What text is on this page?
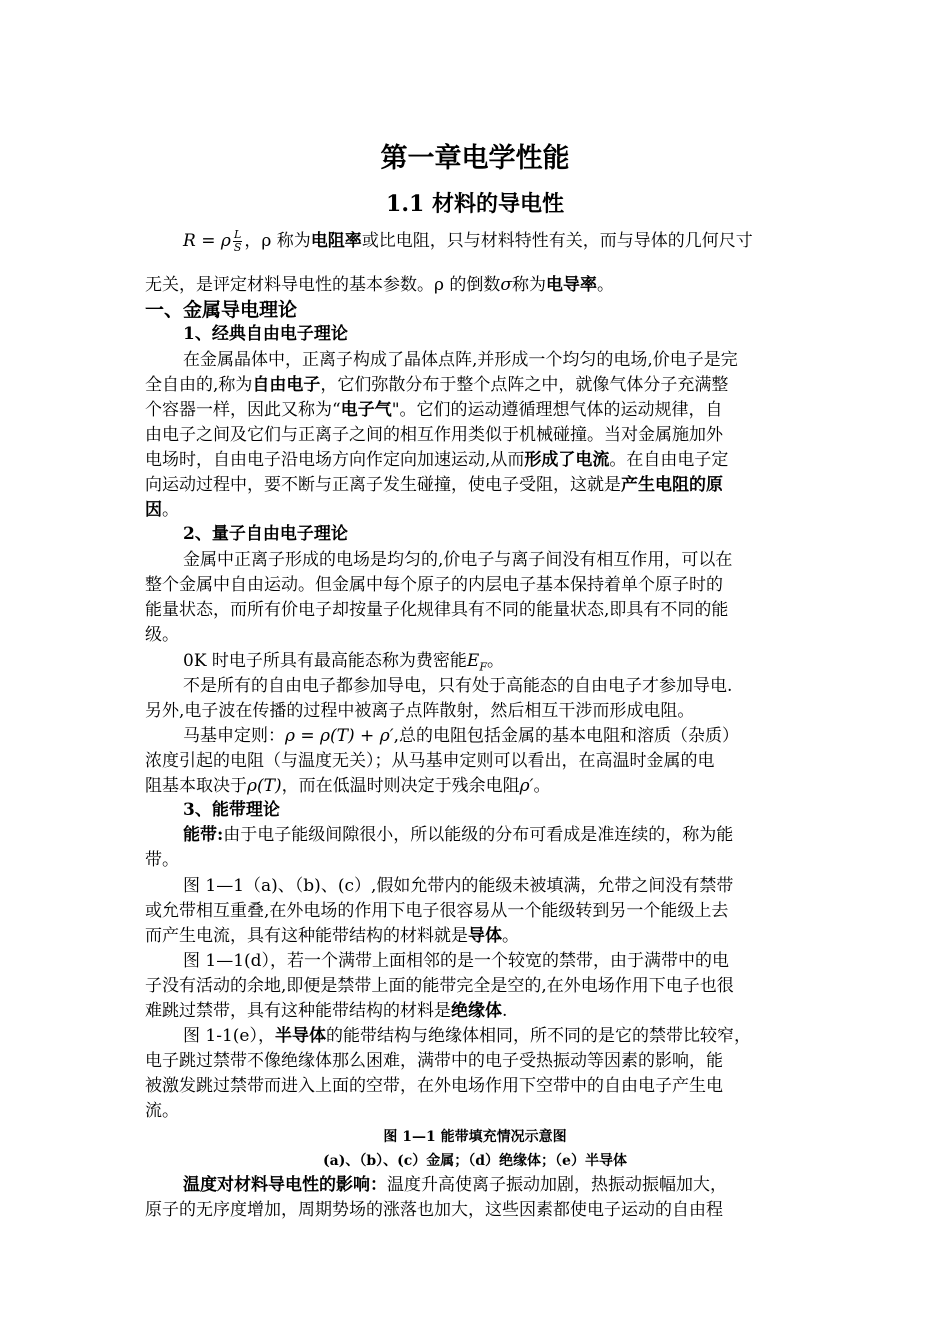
第一章电学性能
1.1 材料的导电性
R = ρ $\frac{L}{S}$ ，ρ 称为电阻率或比电阻，只与材料特性有关，而与导体的几何尺寸
无关，是评定材料导电性的基本参数。ρ 的倒数σ称为电导率。
一、金属导电理论
1、经典自由电子理论
在金属晶体中，正离子构成了晶体点阵,并形成一个均匀的电场,价电子是完
全自由的,称为自由电子，它们弥散分布于整个点阵之中，就像气体分子充满整
个容器一样，因此又称为“电子气"。它们的运动遵循理想气体的运动规律，自
由电子之间及它们与正离子之间的相互作用类似于机械碰撞。当对金属施加外
电场时，自由电子沿电场方向作定向加速运动,从而形成了电流。在自由电子定
向运动过程中，要不断与正离子发生碰撞，使电子受阻，这就是产生电阻的原
因。
2、量子自由电子理论
金属中正离子形成的电场是均匀的,价电子与离子间没有相互作用，可以在
整个金属中自由运动。但金属中每个原子的内层电子基本保持着单个原子时的
能量状态，而所有价电子却按量子化规律具有不同的能量状态,即具有不同的能
级。
0K 时电子所具有最高能态称为费密能$E_F$。
不是所有的自由电子都参加导电，只有处于高能态的自由电子才参加导电.
另外,电子波在传播的过程中被离子点阵散射，然后相互干涉而形成电阻。
马基申定则：ρ = ρ(T) + ρ′,总的电阻包括金属的基本电阻和溶质（杂质）
浓度引起的电阻（与温度无关）；从马基申定则可以看出，在高温时金属的电
阻基本取决于ρ(T)，而在低温时则决定于残余电阻ρ′。
3、能带理论
能带:由于电子能级间隙很小，所以能级的分布可看成是准连续的，称为能
带。
图 1—1（a)、（b)、(c）,假如允带内的能级未被填满，允带之间没有禁带
或允带相互重叠,在外电场的作用下电子很容易从一个能级转到另一个能级上去
而产生电流，具有这种能带结构的材料就是导体。
图 1—1(d），若一个满带上面相邻的是一个较宽的禁带，由于满带中的电
子没有活动的余地,即便是禁带上面的能带完全是空的,在外电场作用下电子也很
难跳过禁带，具有这种能带结构的材料是绝缘体.
图 1-1(e），半导体的能带结构与绝缘体相同，所不同的是它的禁带比较窄，
电子跳过禁带不像绝缘体那么困难，满带中的电子受热振动等因素的影响，能
被激发跳过禁带而进入上面的空带，在外电场作用下空带中的自由电子产生电
流。
图 1—1 能带填充情况示意图
(a)、（b）、(c）金属；（d）绝缘体；（e）半导体
温度对材料导电性的影响：温度升高使离子振动加剧，热振动振幅加大，
原子的无序度增加，周期势场的涨落也加大，这些因素都使电子运动的自由程
